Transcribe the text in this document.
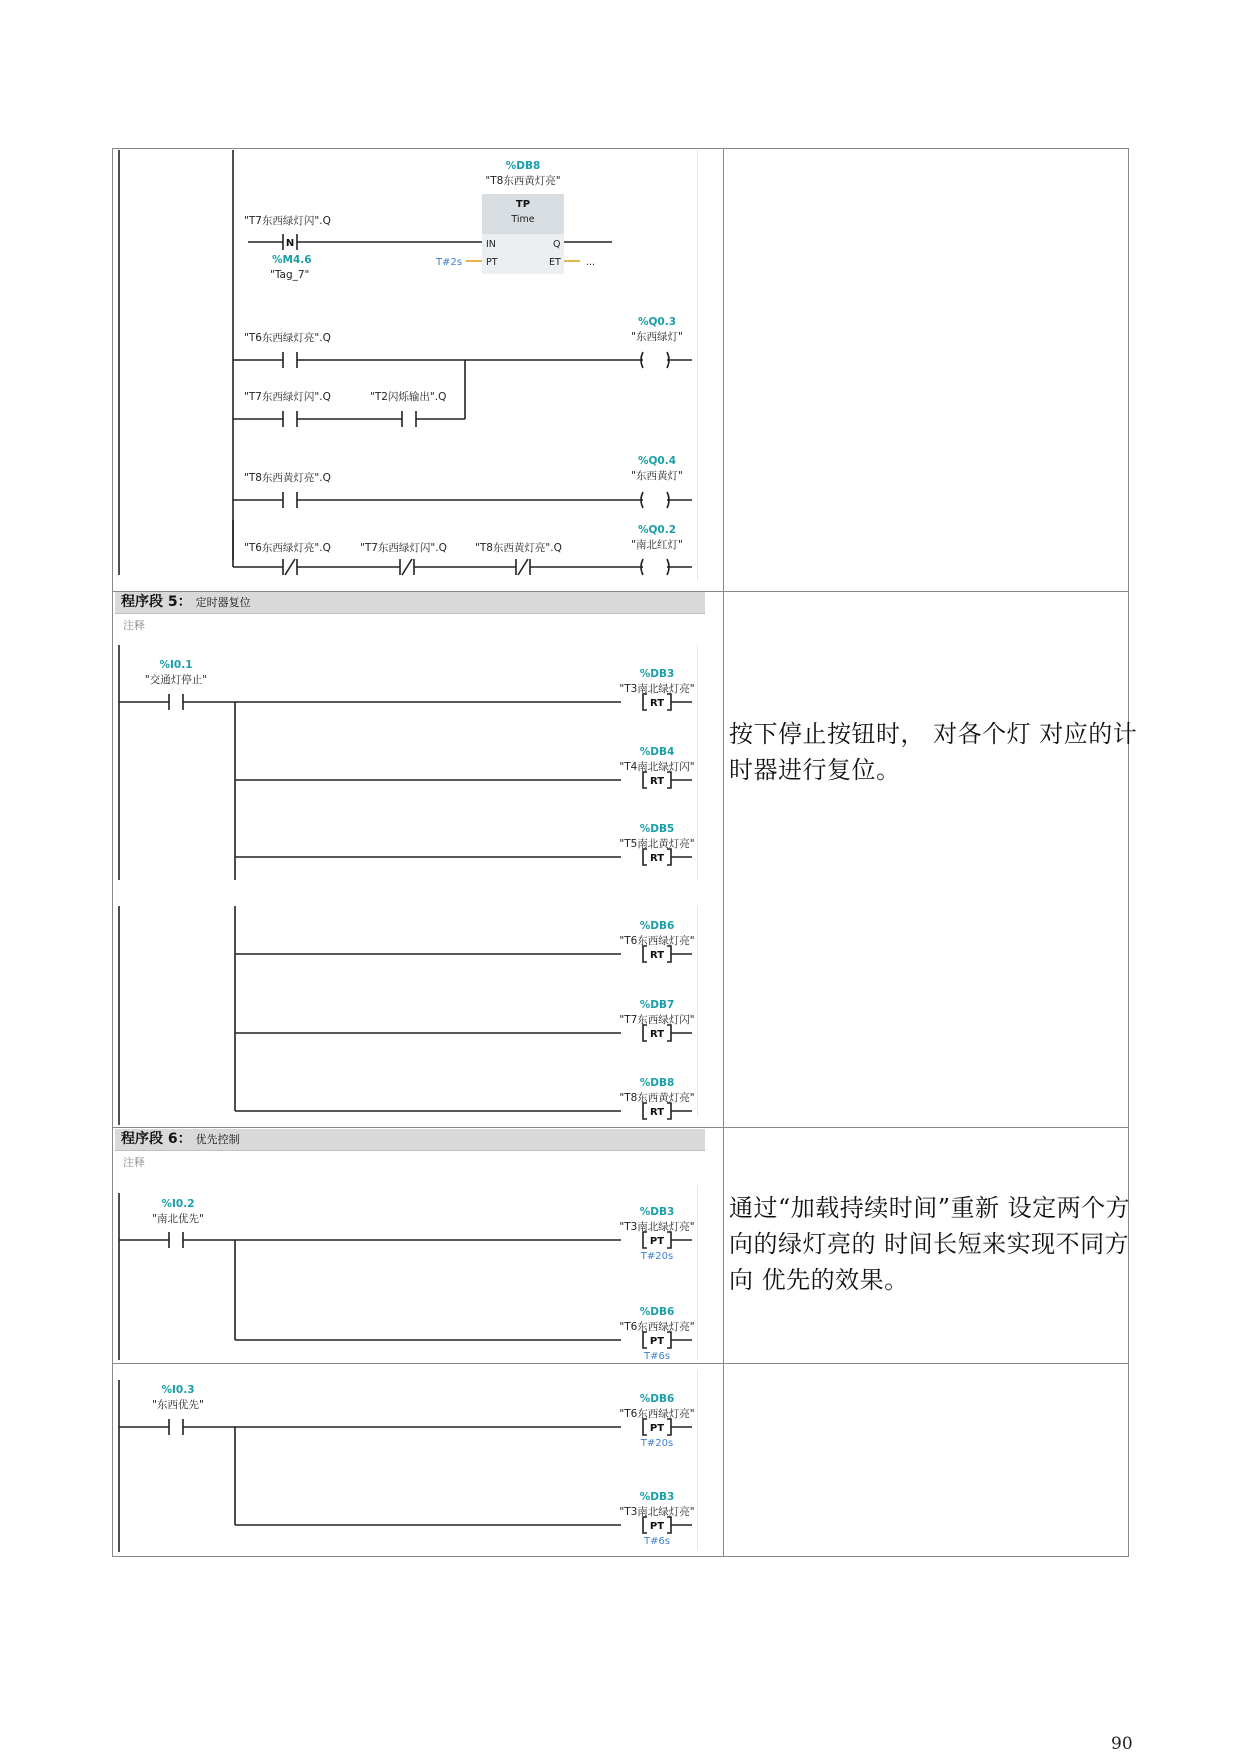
程序段 5： 定时器复位
注释
程序段 6： 优先控制
注释
按下停止按钮时， 对各个灯 对应的计时器进行复位。
通过“加载持续时间”重新 设定两个方向的绿灯亮的 时间长短来实现不同方向 优先的效果。
90
%DB8
"T8东西黄灯亮"
TP
Time
IN
PT
Q
ET
T#2s	...
"T7东西绿灯闪".Q
N
%M4.6
"Tag_7"
"T6东西绿灯亮".Q
%Q0.3
"东西绿灯"
"T7东西绿灯闪".Q	"T2闪烁输出".Q
"T8东西黄灯亮".Q
%Q0.4
"东西黄灯"
"T6东西绿灯亮".Q	"T7东西绿灯闪".Q	"T8东西黄灯亮".Q
%Q0.2
"南北红灯"
%I0.1
"交通灯停止"	%DB3
"T3南北绿灯亮"
RT
%DB4
"T4南北绿灯闪"
RT
%DB5
"T5南北黄灯亮"
RT
%DB6
"T6东西绿灯亮"
RT
%DB7
"T7东西绿灯闪"
RT
%DB8
"T8东西黄灯亮"
RT
%I0.2
"南北优先"
%I0.3
"东西优先"
%DB3
"T3南北绿灯亮"
PT
T#20s
%DB6
"T6东西绿灯亮"
PT
T#6s
%DB6
"T6东西绿灯亮"
PT
T#20s
%DB3
"T3南北绿灯亮"
PT
T#6s
